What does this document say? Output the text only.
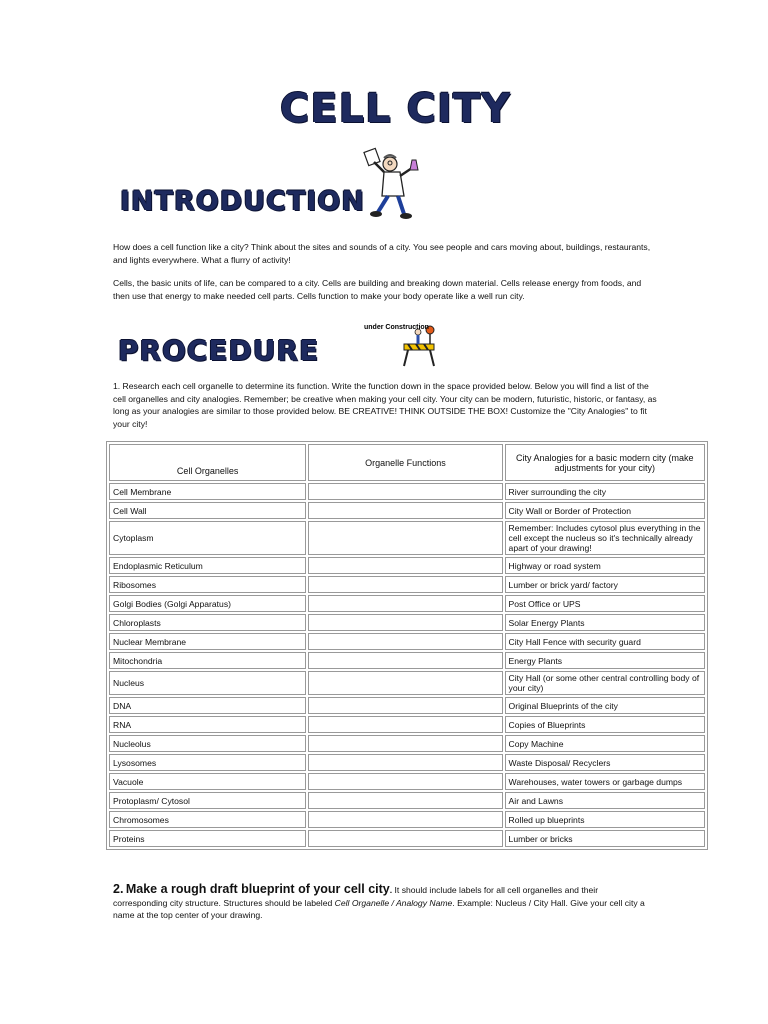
CELL CITY
INTRODUCTION
How does a cell function like a city? Think about the sites and sounds of a city. You see people and cars moving about, buildings, restaurants, and lights everywhere. What a flurry of activity!
Cells, the basic units of life, can be compared to a city. Cells are building and breaking down material. Cells release energy from foods, and then use that energy to make needed cell parts. Cells function to make your body operate like a well run city.
PROCEDURE
under Construction
1. Research each cell organelle to determine its function. Write the function down in the space provided below. Below you will find a list of the cell organelles and city analogies. Remember; be creative when making your cell city. Your city can be modern, futuristic, historic, or fantasy, as long as your analogies are similar to those provided below. BE CREATIVE! THINK OUTSIDE THE BOX! Customize the "City Analogies" to fit your city!
Cell Organelles	Organelle Functions	City Analogies for a basic modern city (make adjustments for your city)
Cell Membrane		River surrounding the city
Cell Wall		City Wall or Border of Protection
Cytoplasm		Remember: Includes cytosol plus everything in the cell except the nucleus so it's technically already apart of your drawing!
Endoplasmic Reticulum		Highway or road system
Ribosomes		Lumber or brick yard/ factory
Golgi Bodies (Golgi Apparatus)		Post Office or UPS
Chloroplasts		Solar Energy Plants
Nuclear Membrane		City Hall Fence with security guard
Mitochondria		Energy Plants
Nucleus		City Hall (or some other central controlling body of your city)
DNA		Original Blueprints of the city
RNA		Copies of Blueprints
Nucleolus		Copy Machine
Lysosomes		Waste Disposal/ Recyclers
Vacuole		Warehouses, water towers or garbage dumps
Protoplasm/ Cytosol		Air and Lawns
Chromosomes		Rolled up blueprints
Proteins		Lumber or bricks
2. Make a rough draft blueprint of your cell city. It should include labels for all cell organelles and their corresponding city structure. Structures should be labeled Cell Organelle / Analogy Name. Example: Nucleus / City Hall. Give your cell city a name at the top center of your drawing.
